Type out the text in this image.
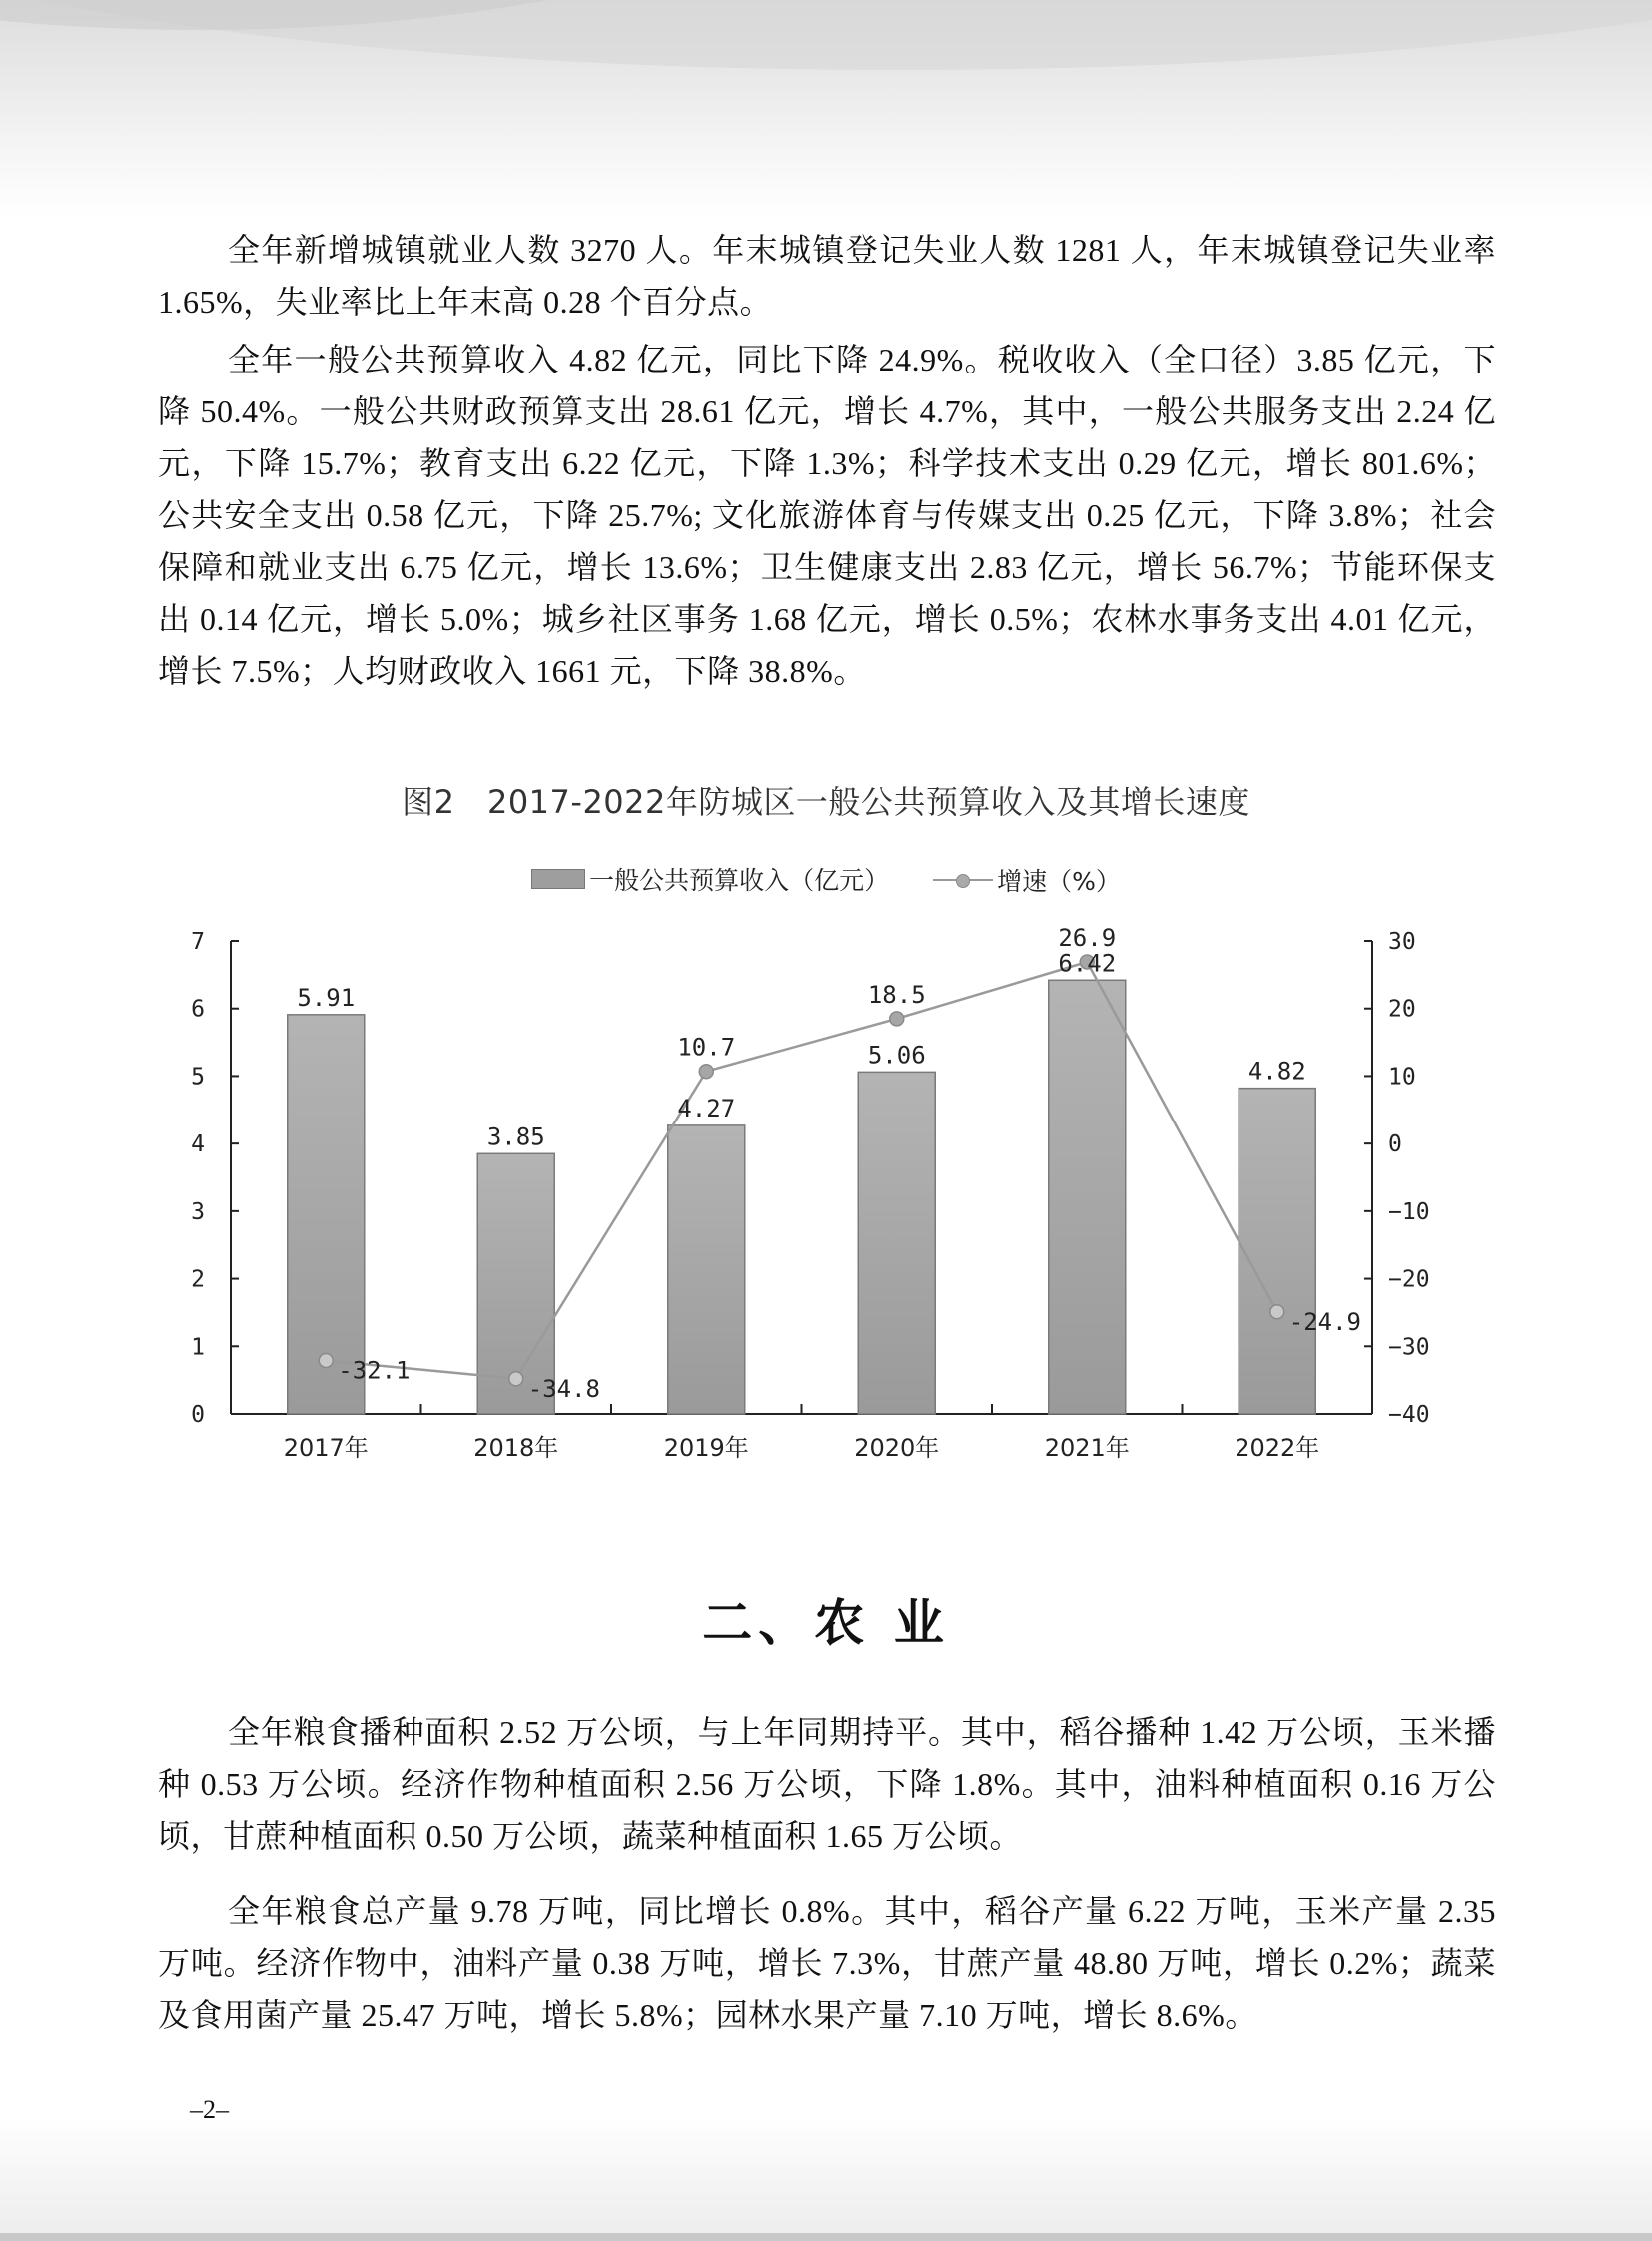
全年新增城镇就业人数 3270 人。年末城镇登记失业人数 1281 人，年末城镇登记失业率 1.65%，失业率比上年末高 0.28 个百分点。

全年一般公共预算收入 4.82 亿元，同比下降 24.9%。税收收入（全口径）3.85 亿元，下降 50.4%。一般公共财政预算支出 28.61 亿元，增长 4.7%，其中，一般公共服务支出 2.24 亿元，下降 15.7%；教育支出 6.22 亿元，下降 1.3%；科学技术支出 0.29 亿元，增长 801.6%；公共安全支出 0.58 亿元，下降 25.7%; 文化旅游体育与传媒支出 0.25 亿元，下降 3.8%；社会保障和就业支出 6.75 亿元，增长 13.6%；卫生健康支出 2.83 亿元，增长 56.7%；节能环保支出 0.14 亿元，增长 5.0%；城乡社区事务 1.68 亿元，增长 0.5%；农林水事务支出 4.01 亿元，增长 7.5%；人均财政收入 1661 元，下降 38.8%。

图2　2017-2022年防城区一般公共预算收入及其增长速度
一般公共预算收入（亿元）
	增速（%）
0
1
2
3
4
5
6
7
−40
−30
−20
−10
0
10
20
30
2017年	2018年	2019年	2020年	2021年	2022年
5.91
3.85
4.27
5.06
6.42
4.82
-32.1
-34.8
10.7
18.5
26.9
-24.9
二、农 业

全年粮食播种面积 2.52 万公顷，与上年同期持平。其中，稻谷播种 1.42 万公顷，玉米播种 0.53 万公顷。经济作物种植面积 2.56 万公顷，下降 1.8%。其中，油料种植面积 0.16 万公顷，甘蔗种植面积 0.50 万公顷，蔬菜种植面积 1.65 万公顷。

全年粮食总产量 9.78 万吨，同比增长 0.8%。其中，稻谷产量 6.22 万吨，玉米产量 2.35 万吨。经济作物中，油料产量 0.38 万吨，增长 7.3%，甘蔗产量 48.80 万吨，增长 0.2%；蔬菜及食用菌产量 25.47 万吨，增长 5.8%；园林水果产量 7.10 万吨，增长 8.6%。

–2–
